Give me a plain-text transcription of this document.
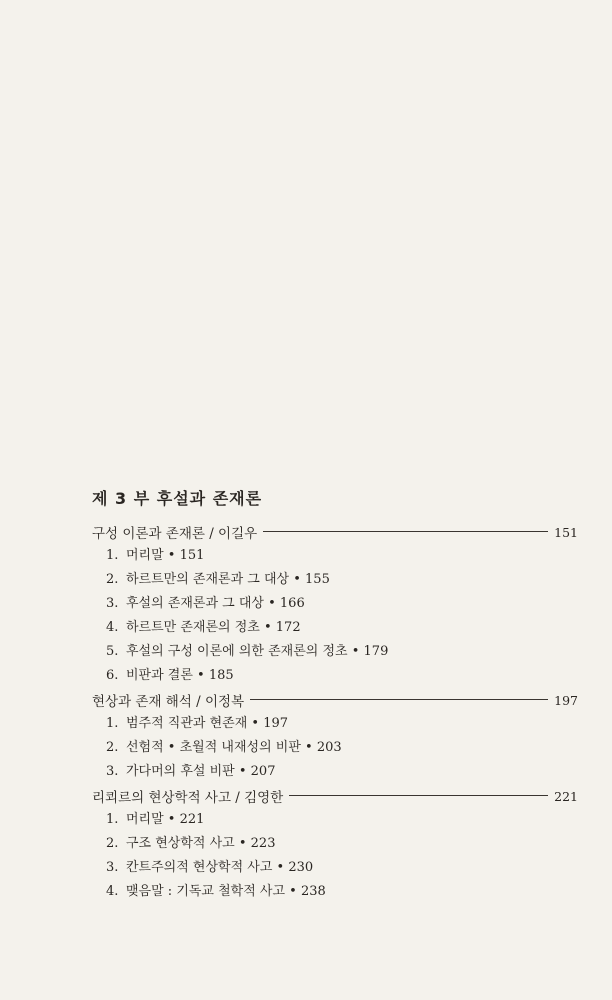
제 3 부 후설과 존재론
구성 이론과 존재론 / 이길우	151
1. 머리말 • 151
2. 하르트만의 존재론과 그 대상 • 155
3. 후설의 존재론과 그 대상 • 166
4. 하르트만 존재론의 정초 • 172
5. 후설의 구성 이론에 의한 존재론의 정초 • 179
6. 비판과 결론 • 185
현상과 존재 해석 / 이정복	197
1. 범주적 직관과 현존재 • 197
2. 선험적 • 초월적 내재성의 비판 • 203
3. 가다머의 후설 비판 • 207
리쾨르의 현상학적 사고 / 김영한	221
1. 머리말 • 221
2. 구조 현상학적 사고 • 223
3. 칸트주의적 현상학적 사고 • 230
4. 맺음말 : 기독교 철학적 사고 • 238
